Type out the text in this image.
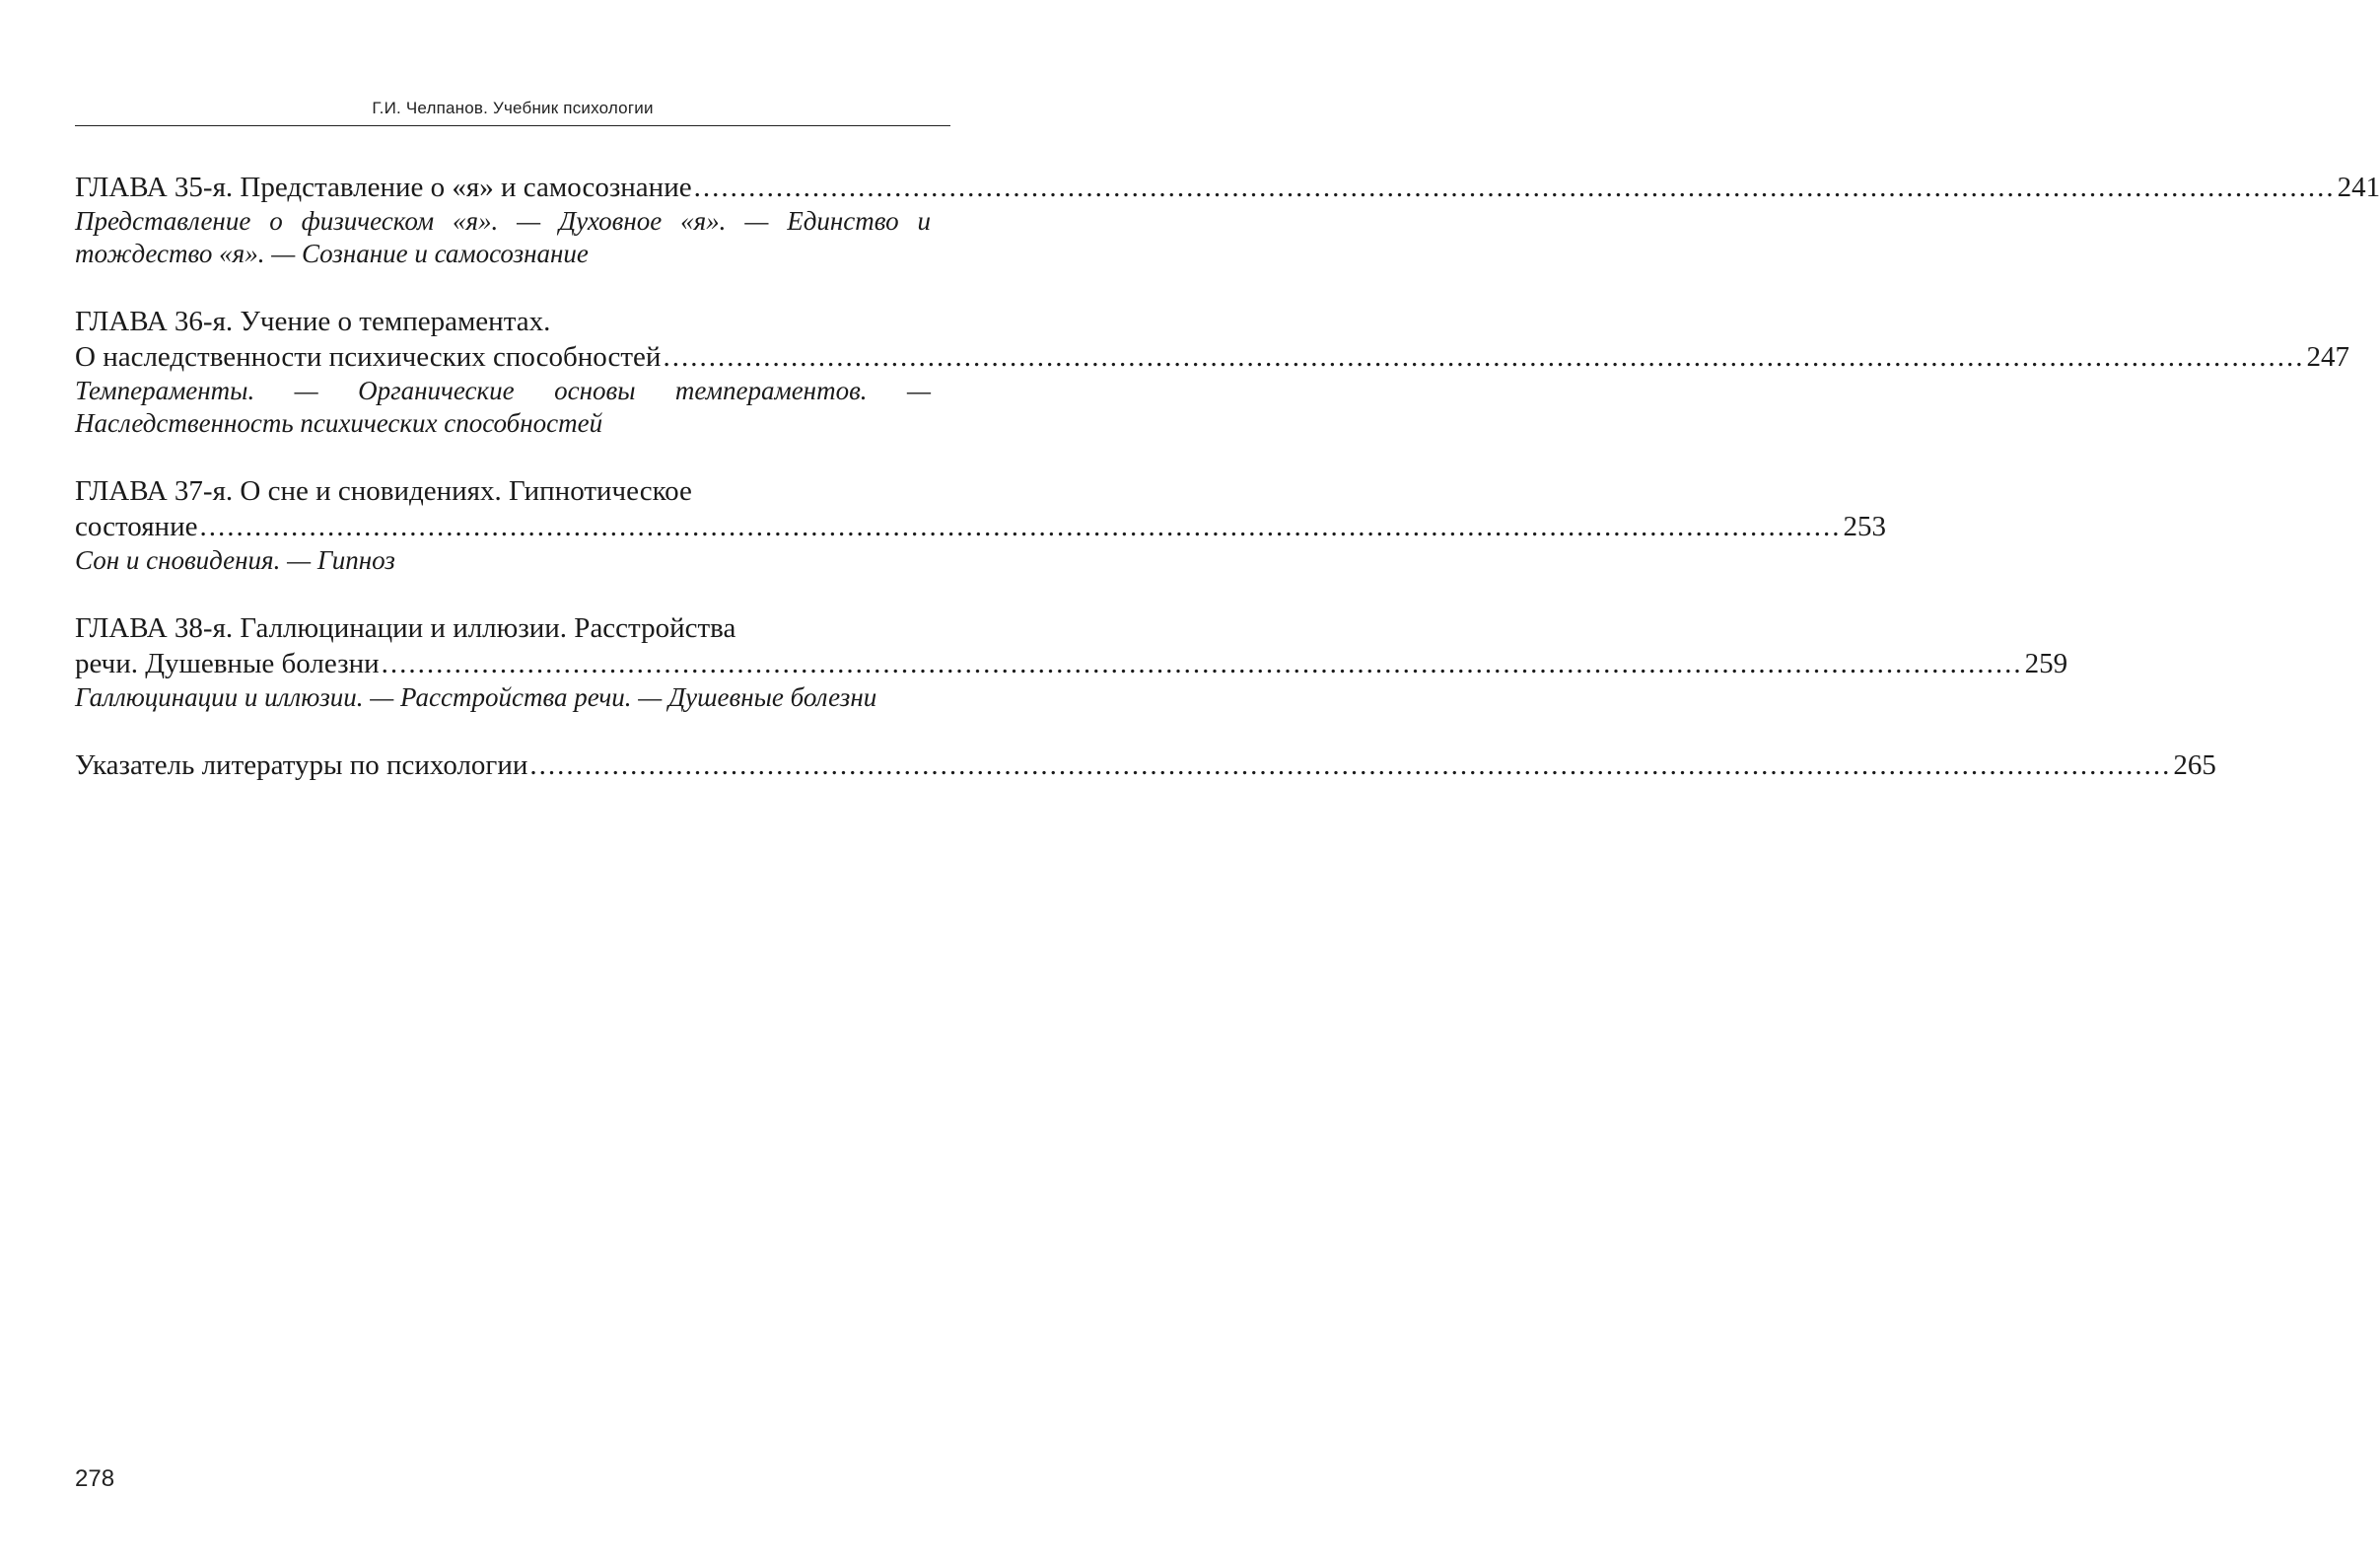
Г.И. Челпанов. Учебник психологии
ГЛАВА 35-я. Представление о «я» и самосознание .................................................................................................................................................................................... 241
Представление о физическом «я». — Духовное «я». — Единство и тождество «я». — Сознание и самосознание
ГЛАВА 36-я. Учение о темпераментах.
О наследственности психических способностей .................................................................................................................................................................................... 247
Темпераменты. — Органические основы темпераментов. — Наследственность психических способностей
ГЛАВА 37-я. О сне и сновидениях. Гипнотическое
состояние .................................................................................................................................................................................... 253
Сон и сновидения. — Гипноз
ГЛАВА 38-я. Галлюцинации и иллюзии. Расстройства
речи. Душевные болезни .................................................................................................................................................................................... 259
Галлюцинации и иллюзии. — Расстройства речи. — Душевные болезни
Указатель литературы по психологии .................................................................................................................................................................................... 265
278
